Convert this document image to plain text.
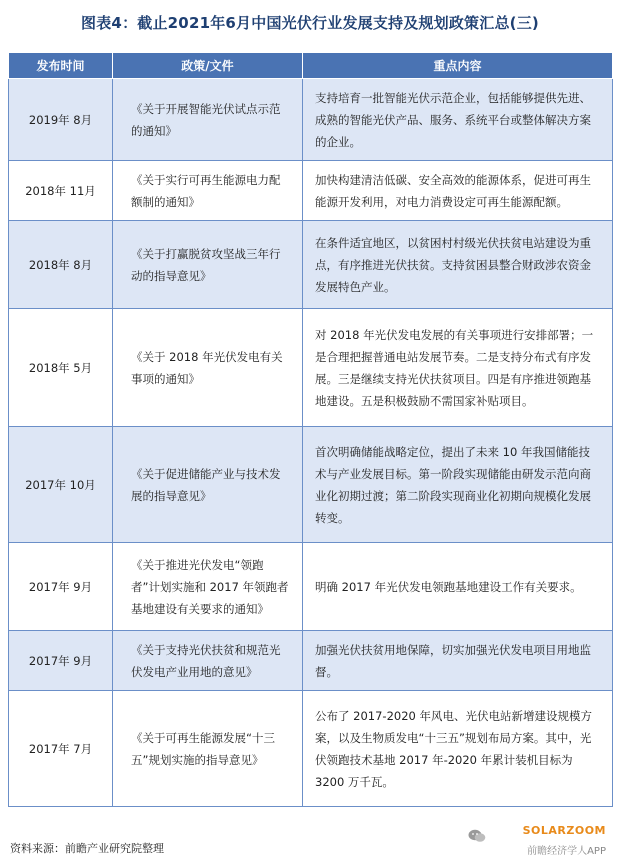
图表4：截止2021年6月中国光伏行业发展支持及规划政策汇总(三)
发布时间	政策/文件	重点内容
2019年 8月	《关于开展智能光伏试点示范的通知》	支持培育一批智能光伏示范企业，包括能够提供先进、成熟的智能光伏产品、服务、系统平台或整体解决方案的企业。
2018年 11月	《关于实行可再生能源电力配额制的通知》	加快构建清洁低碳、安全高效的能源体系，促进可再生能源开发利用，对电力消费设定可再生能源配额。
2018年 8月	《关于打赢脱贫攻坚战三年行动的指导意见》	在条件适宜地区，以贫困村村级光伏扶贫电站建设为重点，有序推进光伏扶贫。支持贫困县整合财政涉农资金发展特色产业。
2018年 5月	《关于 2018 年光伏发电有关事项的通知》	对 2018 年光伏发电发展的有关事项进行安排部署；一是合理把握普通电站发展节奏。二是支持分布式有序发展。三是继续支持光伏扶贫项目。四是有序推进领跑基地建设。五是积极鼓励不需国家补贴项目。
2017年 10月	《关于促进储能产业与技术发展的指导意见》	首次明确储能战略定位，提出了未来 10 年我国储能技术与产业发展目标。第一阶段实现储能由研发示范向商业化初期过渡；第二阶段实现商业化初期向规模化发展转变。
2017年 9月	《关于推进光伏发电“领跑者”计划实施和 2017 年领跑者基地建设有关要求的通知》	明确 2017 年光伏发电领跑基地建设工作有关要求。
2017年 9月	《关于支持光伏扶贫和规范光伏发电产业用地的意见》	加强光伏扶贫用地保障，切实加强光伏发电项目用地监督。
2017年 7月	《关于可再生能源发展“十三五”规划实施的指导意见》	公布了 2017-2020 年风电、光伏电站新增建设规模方案，以及生物质发电“十三五”规划布局方案。其中，光伏领跑技术基地 2017 年-2020 年累计装机目标为 3200 万千瓦。
资料来源：前瞻产业研究院整理
SOLARZOOM
前瞻经济学人APP
